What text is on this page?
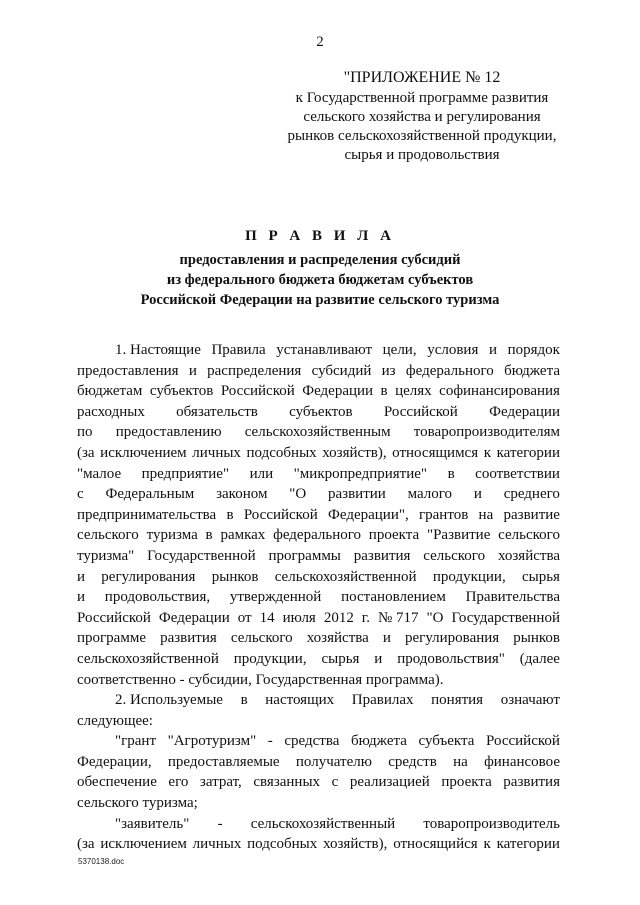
2
"ПРИЛОЖЕНИЕ № 12
к Государственной программе развития
сельского хозяйства и регулирования
рынков сельскохозяйственной продукции,
сырья и продовольствия
П Р А В И Л А
предоставления и распределения субсидий
из федерального бюджета бюджетам субъектов
Российской Федерации на развитие сельского туризма
1. Настоящие Правила устанавливают цели, условия и порядок
предоставления и распределения субсидий из федерального бюджета
бюджетам субъектов Российской Федерации в целях софинансирования
расходных обязательств субъектов Российской Федерации
по предоставлению сельскохозяйственным товаропроизводителям
(за исключением личных подсобных хозяйств), относящимся к категории
"малое предприятие" или "микропредприятие" в соответствии
с Федеральным законом "О развитии малого и среднего
предпринимательства в Российской Федерации", грантов на развитие
сельского туризма в рамках федерального проекта "Развитие сельского
туризма" Государственной программы развития сельского хозяйства
и регулирования рынков сельскохозяйственной продукции, сырья
и продовольствия, утвержденной постановлением Правительства
Российской Федерации от 14 июля 2012 г. № 717 "О Государственной
программе развития сельского хозяйства и регулирования рынков
сельскохозяйственной продукции, сырья и продовольствия" (далее
соответственно - субсидии, Государственная программа).
2. Используемые в настоящих Правилах понятия означают
следующее:
"грант "Агротуризм" - средства бюджета субъекта Российской
Федерации, предоставляемые получателю средств на финансовое
обеспечение его затрат, связанных с реализацией проекта развития
сельского туризма;
"заявитель" - сельскохозяйственный товаропроизводитель
(за исключением личных подсобных хозяйств), относящийся к категории
5370138.doc
